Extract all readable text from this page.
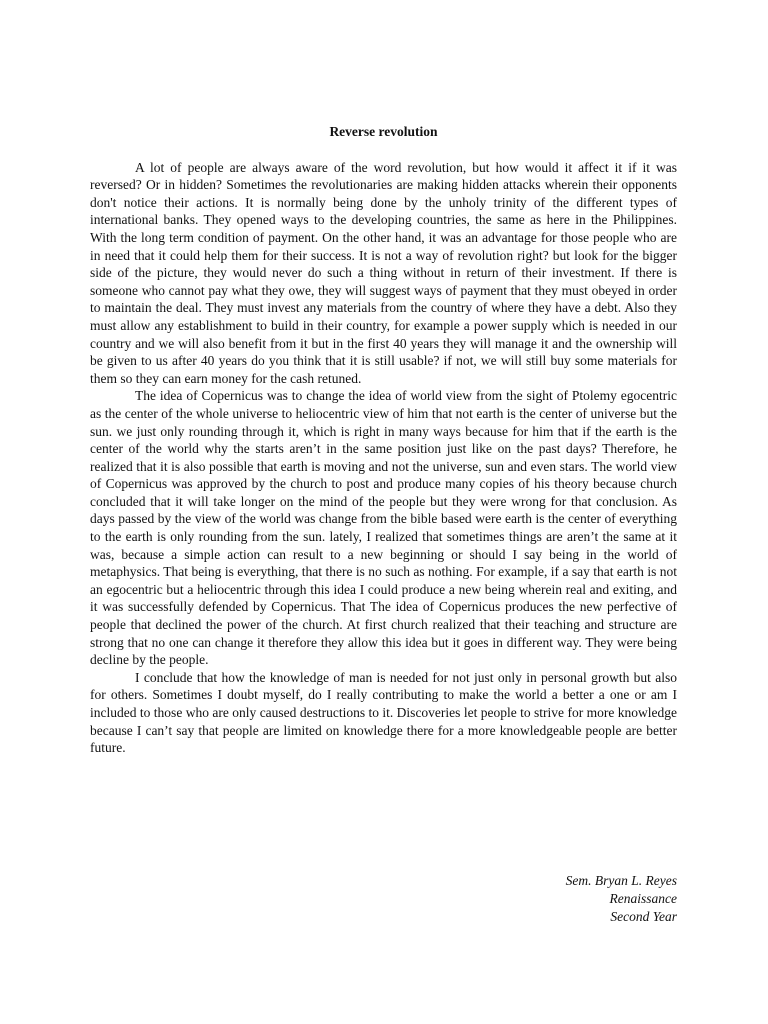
Reverse revolution

A lot of people are always aware of the word revolution, but how would it affect it if it was reversed? Or in hidden? Sometimes the revolutionaries are making hidden attacks wherein their opponents don't notice their actions. It is normally being done by the unholy trinity of the different types of international banks. They opened ways to the developing countries, the same as here in the Philippines. With the long term condition of payment. On the other hand, it was an advantage for those people who are in need that it could help them for their success. It is not a way of revolution right? but look for the bigger side of the picture, they would never do such a thing without in return of their investment. If there is someone who cannot pay what they owe, they will suggest ways of payment that they must obeyed in order to maintain the deal. They must invest any materials from the country of where they have a debt. Also they must allow any establishment to build in their country, for example a power supply which is needed in our country and we will also benefit from it but in the first 40 years they will manage it and the ownership will be given to us after 40 years do you think that it is still usable? if not, we will still buy some materials for them so they can earn money for the cash retuned.

The idea of Copernicus was to change the idea of world view from the sight of Ptolemy egocentric as the center of the whole universe to heliocentric view of him that not earth is the center of universe but the sun. we just only rounding through it, which is right in many ways because for him that if the earth is the center of the world why the starts aren’t in the same position just like on the past days? Therefore, he realized that it is also possible that earth is moving and not the universe, sun and even stars. The world view of Copernicus was approved by the church to post and produce many copies of his theory because church concluded that it will take longer on the mind of the people but they were wrong for that conclusion. As days passed by the view of the world was change from the bible based were earth is the center of everything to the earth is only rounding from the sun. lately, I realized that sometimes things are aren’t the same at it was, because a simple action can result to a new beginning or should I say being in the world of metaphysics. That being is everything, that there is no such as nothing. For example, if a say that earth is not an egocentric but a heliocentric through this idea I could produce a new being wherein real and exiting, and it was successfully defended by Copernicus. That The idea of Copernicus produces the new perfective of people that declined the power of the church. At first church realized that their teaching and structure are strong that no one can change it therefore they allow this idea but it goes in different way. They were being decline by the people.

I conclude that how the knowledge of man is needed for not just only in personal growth but also for others. Sometimes I doubt myself, do I really contributing to make the world a better a one or am I included to those who are only caused destructions to it. Discoveries let people to strive for more knowledge because I can’t say that people are limited on knowledge there for a more knowledgeable people are better future.

Sem. Bryan L. Reyes
Renaissance
Second Year
